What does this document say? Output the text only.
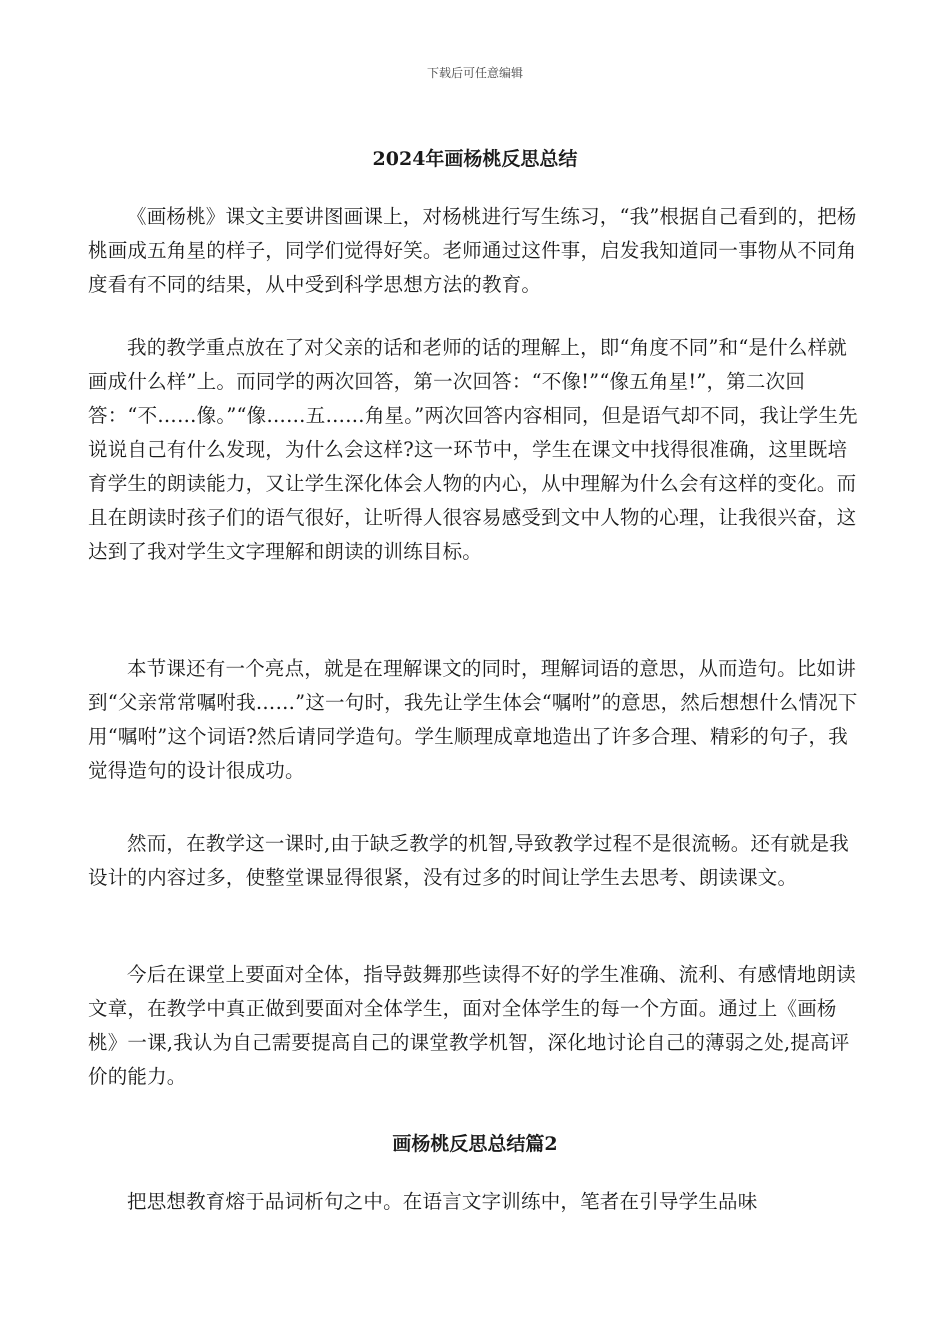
下载后可任意编辑
2024年画杨桃反思总结

《画杨桃》课文主要讲图画课上，对杨桃进行写生练习，“我”根据自己看到的，把杨桃画成五角星的样子，同学们觉得好笑。老师通过这件事，启发我知道同一事物从不同角度看有不同的结果，从中受到科学思想方法的教育。

我的教学重点放在了对父亲的话和老师的话的理解上，即“角度不同”和“是什么样就画成什么样”上。而同学的两次回答，第一次回答：“不像!”“像五角星!”，第二次回答：“不……像。”“像……五……角星。”两次回答内容相同，但是语气却不同，我让学生先说说自己有什么发现，为什么会这样?这一环节中，学生在课文中找得很准确，这里既培育学生的朗读能力，又让学生深化体会人物的内心，从中理解为什么会有这样的变化。而且在朗读时孩子们的语气很好，让听得人很容易感受到文中人物的心理，让我很兴奋，这达到了我对学生文字理解和朗读的训练目标。

本节课还有一个亮点，就是在理解课文的同时，理解词语的意思，从而造句。比如讲到“父亲常常嘱咐我……”这一句时，我先让学生体会“嘱咐”的意思，然后想想什么情况下用“嘱咐”这个词语?然后请同学造句。学生顺理成章地造出了许多合理、精彩的句子，我觉得造句的设计很成功。

然而，在教学这一课时,由于缺乏教学的机智,导致教学过程不是很流畅。还有就是我设计的内容过多，使整堂课显得很紧，没有过多的时间让学生去思考、朗读课文。

今后在课堂上要面对全体，指导鼓舞那些读得不好的学生准确、流利、有感情地朗读文章，在教学中真正做到要面对全体学生，面对全体学生的每一个方面。通过上《画杨桃》一课,我认为自己需要提高自己的课堂教学机智，深化地讨论自己的薄弱之处,提高评价的能力。

画杨桃反思总结篇2

把思想教育熔于品词析句之中。在语言文字训练中，笔者在引导学生品味
